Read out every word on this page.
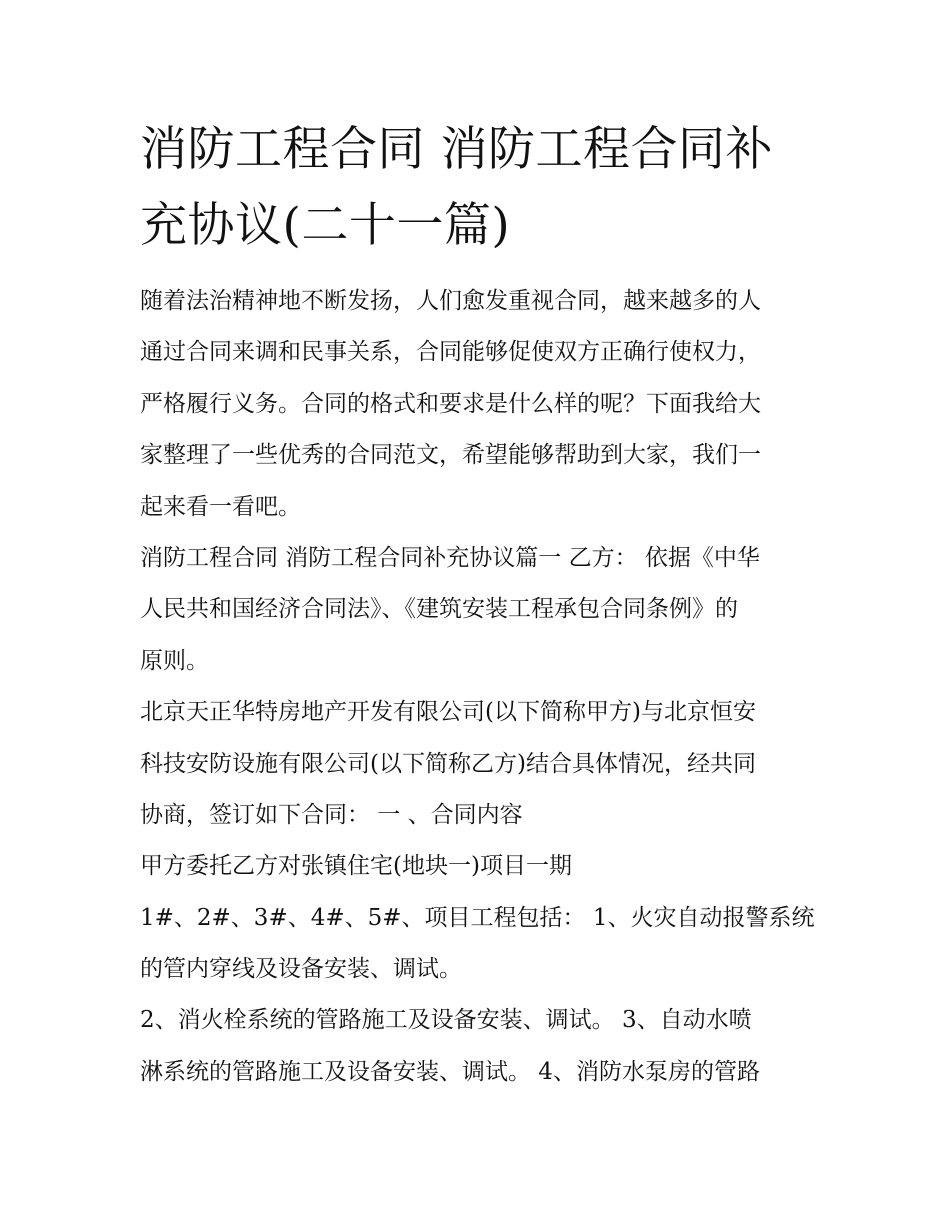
消防工程合同 消防工程合同补
充协议(二十一篇)
随着法治精神地不断发扬，人们愈发重视合同，越来越多的人
通过合同来调和民事关系，合同能够促使双方正确行使权力，
严格履行义务。合同的格式和要求是什么样的呢？下面我给大
家整理了一些优秀的合同范文，希望能够帮助到大家，我们一
起来看一看吧。
消防工程合同 消防工程合同补充协议篇一 乙方： 依据《中华
人民共和国经济合同法》、《建筑安装工程承包合同条例》的
原则。
北京天正华特房地产开发有限公司(以下简称甲方)与北京恒安
科技安防设施有限公司(以下简称乙方)结合具体情况，经共同
协商，签订如下合同： 一 、合同内容
甲方委托乙方对张镇住宅(地块一)项目一期
1#、2#、3#、4#、5#、项目工程包括： 1、火灾自动报警系统
的管内穿线及设备安装、调试。
2、消火栓系统的管路施工及设备安装、调试。 3、自动水喷
淋系统的管路施工及设备安装、调试。 4、消防水泵房的管路
